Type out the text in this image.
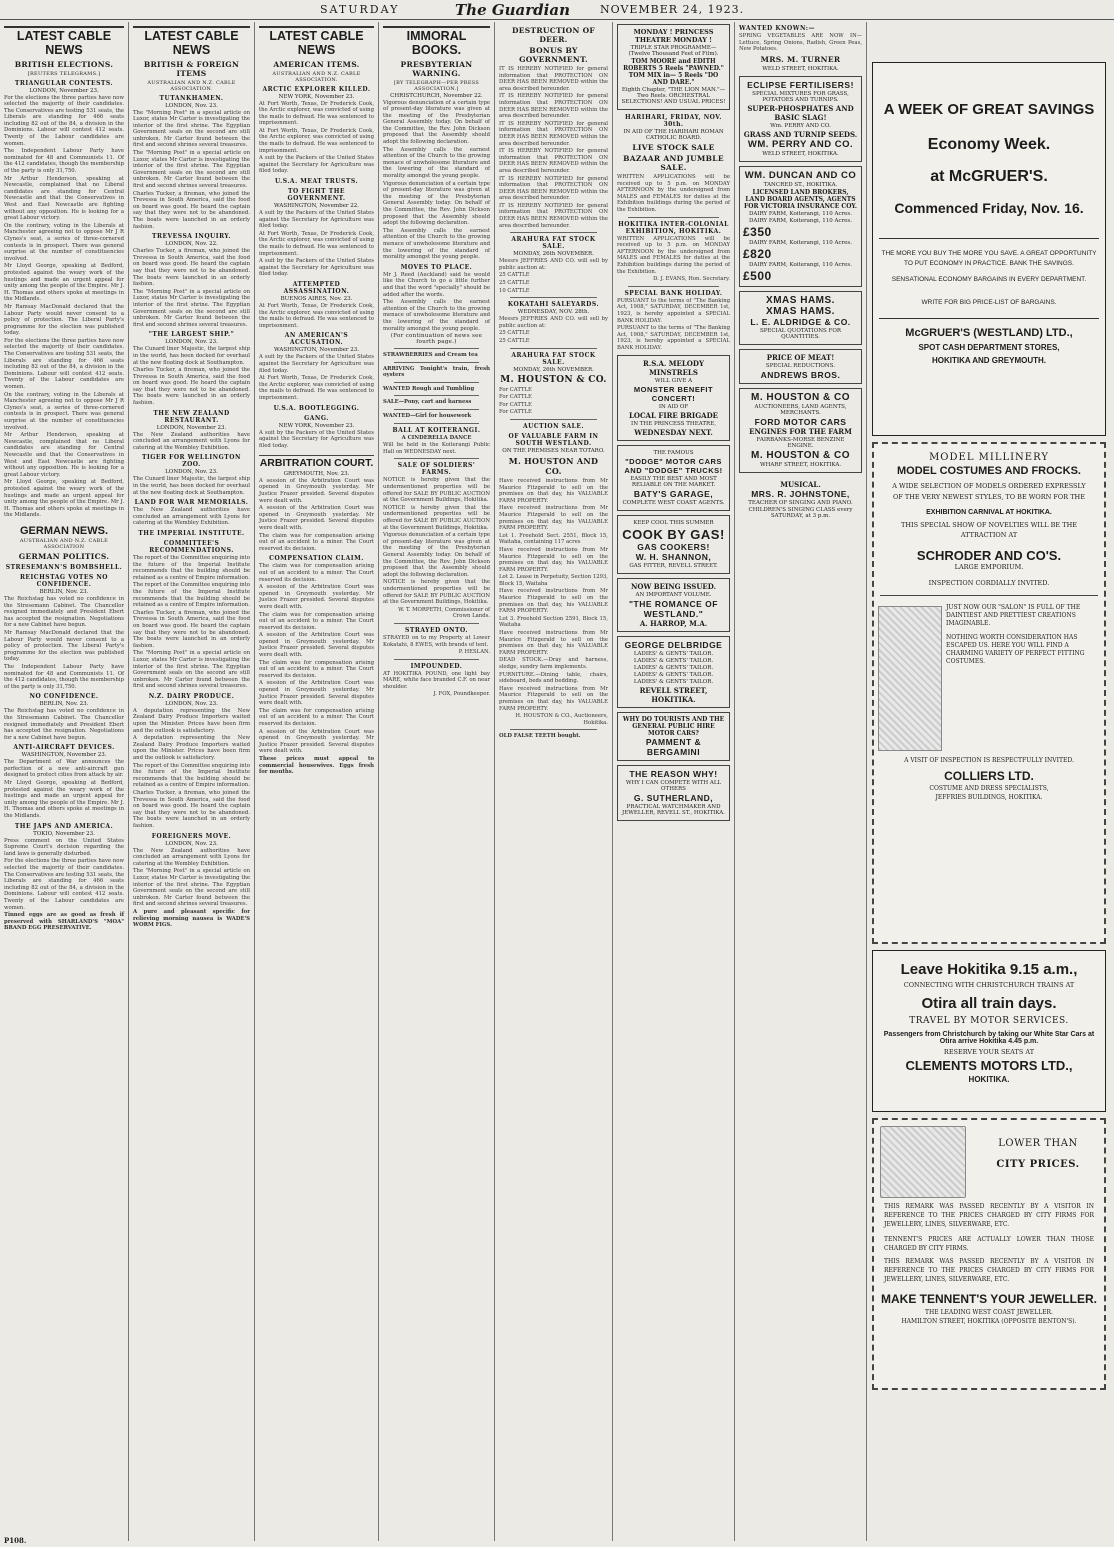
SATURDAY	The Guardian	NOVEMBER 24, 1923.
LATEST CABLE NEWS
BRITISH ELECTIONS.
[REUTERS TELEGRAMS.]
TRIANGULAR CONTESTS.
LONDON, November 23.

For the elections the three parties have now selected the majority of their candidates. The Conservatives are testing 531 seats, the Liberals are standing for 466 seats including 82 out of the 84, a division in the Dominions. Labour will contest 412 seats. Twenty of the Labour candidates are women.

The Independent Labour Party have nominated for 48 and Communists 11. Of the 412 candidates, though the membership of the party is only 31,750.

Mr Arthur Henderson, speaking at Newcastle, complained that no Liberal candidates are standing for Central Newcastle and that the Conservatives in West and East Newcastle are fighting without any opposition. He is looking for a great Labour victory.

On the contrary, voting in the Liberals at Manchester agreeing not to oppose Mr J R Clynes's seat, a series of three-cornered contests is in prospect. There was general surprise at the number of constituencies involved.

Mr Lloyd George, speaking at Bedford, protested against the weary work of the hustings and made an urgent appeal for unity among the people of the Empire. Mr J. H. Thomas and others spoke at meetings in the Midlands.

Mr Ramsay MacDonald declared that the Labour Party would never consent to a policy of protection. The Liberal Party's programme for the election was published today.

For the elections the three parties have now selected the majority of their candidates. The Conservatives are testing 531 seats, the Liberals are standing for 466 seats including 82 out of the 84, a division in the Dominions. Labour will contest 412 seats. Twenty of the Labour candidates are women.

On the contrary, voting in the Liberals at Manchester agreeing not to oppose Mr J R Clynes's seat, a series of three-cornered contests is in prospect. There was general surprise at the number of constituencies involved.

Mr Arthur Henderson, speaking at Newcastle, complained that no Liberal candidates are standing for Central Newcastle and that the Conservatives in West and East Newcastle are fighting without any opposition. He is looking for a great Labour victory.

Mr Lloyd George, speaking at Bedford, protested against the weary work of the hustings and made an urgent appeal for unity among the people of the Empire. Mr J. H. Thomas and others spoke at meetings in the Midlands.

GERMAN NEWS.
AUSTRALIAN AND N.Z. CABLE ASSOCIATION
GERMAN POLITICS.
STRESEMANN'S BOMBSHELL.
REICHSTAG VOTES NO CONFIDENCE.
BERLIN, Nov. 23.

The Reichstag has voted no confidence in the Stresemann Cabinet. The Chancellor resigned immediately and President Ebert has accepted the resignation. Negotiations for a new Cabinet have begun.

Mr Ramsay MacDonald declared that the Labour Party would never consent to a policy of protection. The Liberal Party's programme for the election was published today.

The Independent Labour Party have nominated for 48 and Communists 11. Of the 412 candidates, though the membership of the party is only 31,750.

NO CONFIDENCE.
BERLIN, Nov. 23.

The Reichstag has voted no confidence in the Stresemann Cabinet. The Chancellor resigned immediately and President Ebert has accepted the resignation. Negotiations for a new Cabinet have begun.

ANTI-AIRCRAFT DEVICES.
WASHINGTON, November 23.

The Department of War announces the perfection of a new anti-aircraft gun designed to protect cities from attack by air.

Mr Lloyd George, speaking at Bedford, protested against the weary work of the hustings and made an urgent appeal for unity among the people of the Empire. Mr J. H. Thomas and others spoke at meetings in the Midlands.

THE JAPS AND AMERICA.
TOKIO, November 23.

Press comment on the United States Supreme Court's decision regarding the land laws is generally disturbed.

For the elections the three parties have now selected the majority of their candidates. The Conservatives are testing 531 seats, the Liberals are standing for 466 seats including 82 out of the 84, a division in the Dominions. Labour will contest 412 seats. Twenty of the Labour candidates are women.

Tinned eggs are as good as fresh if preserved with SHARLAND'S "MOA" BRAND EGG PRESERVATIVE.

P108.
LATEST CABLE NEWS
BRITISH & FOREIGN ITEMS
AUSTRALIAN AND N.Z. CABLE ASSOCIATION.
TUTANKHAMEN.
LONDON, Nov. 23.

The "Morning Post" in a special article on Luxor, states Mr Carter is investigating the interior of the first shrine. The Egyptian Government seals on the second are still unbroken. Mr Carter found between the first and second shrines several treasures.

The "Morning Post" in a special article on Luxor, states Mr Carter is investigating the interior of the first shrine. The Egyptian Government seals on the second are still unbroken. Mr Carter found between the first and second shrines several treasures.

Charles Tucker, a fireman, who joined the Trevessa in South America, said the food on board was good. He heard the captain say that they were not to be abandoned. The boats were launched in an orderly fashion.

TREVESSA INQUIRY.
LONDON, Nov. 22.

Charles Tucker, a fireman, who joined the Trevessa in South America, said the food on board was good. He heard the captain say that they were not to be abandoned. The boats were launched in an orderly fashion.

The "Morning Post" in a special article on Luxor, states Mr Carter is investigating the interior of the first shrine. The Egyptian Government seals on the second are still unbroken. Mr Carter found between the first and second shrines several treasures.

"THE LARGEST SHIP."
LONDON, Nov. 23.

The Cunard liner Majestic, the largest ship in the world, has been docked for overhaul at the new floating dock at Southampton.

Charles Tucker, a fireman, who joined the Trevessa in South America, said the food on board was good. He heard the captain say that they were not to be abandoned. The boats were launched in an orderly fashion.

THE NEW ZEALAND RESTAURANT.
LONDON, November 23.

The New Zealand authorities have concluded an arrangement with Lyons for catering at the Wembley Exhibition.

TIGER FOR WELLINGTON ZOO.
LONDON, Nov. 23.

The Cunard liner Majestic, the largest ship in the world, has been docked for overhaul at the new floating dock at Southampton.

LAND FOR WAR MEMORIALS.

The New Zealand authorities have concluded an arrangement with Lyons for catering at the Wembley Exhibition.

THE IMPERIAL INSTITUTE.
COMMITTEE'S RECOMMENDATIONS.

The report of the Committee enquiring into the future of the Imperial Institute recommends that the building should be retained as a centre of Empire information.

The report of the Committee enquiring into the future of the Imperial Institute recommends that the building should be retained as a centre of Empire information.

Charles Tucker, a fireman, who joined the Trevessa in South America, said the food on board was good. He heard the captain say that they were not to be abandoned. The boats were launched in an orderly fashion.

The "Morning Post" in a special article on Luxor, states Mr Carter is investigating the interior of the first shrine. The Egyptian Government seals on the second are still unbroken. Mr Carter found between the first and second shrines several treasures.

N.Z. DAIRY PRODUCE.
LONDON, Nov. 23.

A deputation representing the New Zealand Dairy Produce Importers waited upon the Minister. Prices have been firm and the outlook is satisfactory.

A deputation representing the New Zealand Dairy Produce Importers waited upon the Minister. Prices have been firm and the outlook is satisfactory.

The report of the Committee enquiring into the future of the Imperial Institute recommends that the building should be retained as a centre of Empire information.

Charles Tucker, a fireman, who joined the Trevessa in South America, said the food on board was good. He heard the captain say that they were not to be abandoned. The boats were launched in an orderly fashion.

FOREIGNERS MOVE.
LONDON, Nov. 23.

The New Zealand authorities have concluded an arrangement with Lyons for catering at the Wembley Exhibition.

The "Morning Post" in a special article on Luxor, states Mr Carter is investigating the interior of the first shrine. The Egyptian Government seals on the second are still unbroken. Mr Carter found between the first and second shrines several treasures.

A pure and pleasant specific for relieving morning nausea is WADE'S WORM FIGS.

LATEST CABLE NEWS
AMERICAN ITEMS.
AUSTRALIAN AND N.Z. CABLE ASSOCIATION.
ARCTIC EXPLORER KILLED.
NEW YORK, November 23.

At Fort Worth, Texas, Dr Frederick Cook, the Arctic explorer, was convicted of using the mails to defraud. He was sentenced to imprisonment.

At Fort Worth, Texas, Dr Frederick Cook, the Arctic explorer, was convicted of using the mails to defraud. He was sentenced to imprisonment.

A suit by the Packers of the United States against the Secretary for Agriculture was filed today.

U.S.A. MEAT TRUSTS.
TO FIGHT THE GOVERNMENT.
WASHINGTON, November 22.

A suit by the Packers of the United States against the Secretary for Agriculture was filed today.

At Fort Worth, Texas, Dr Frederick Cook, the Arctic explorer, was convicted of using the mails to defraud. He was sentenced to imprisonment.

A suit by the Packers of the United States against the Secretary for Agriculture was filed today.

ATTEMPTED ASSASSINATION.
BUENOS AIRES, Nov. 23.

At Fort Worth, Texas, Dr Frederick Cook, the Arctic explorer, was convicted of using the mails to defraud. He was sentenced to imprisonment.

AN AMERICAN'S ACCUSATION.
WASHINGTON, November 23.

A suit by the Packers of the United States against the Secretary for Agriculture was filed today.

At Fort Worth, Texas, Dr Frederick Cook, the Arctic explorer, was convicted of using the mails to defraud. He was sentenced to imprisonment.

U.S.A. BOOTLEGGING.
GANG.
NEW YORK, November 23.

A suit by the Packers of the United States against the Secretary for Agriculture was filed today.

ARBITRATION COURT.
GREYMOUTH, Nov. 23.

A session of the Arbitration Court was opened in Greymouth yesterday. Mr Justice Frazer presided. Several disputes were dealt with.

A session of the Arbitration Court was opened in Greymouth yesterday. Mr Justice Frazer presided. Several disputes were dealt with.

The claim was for compensation arising out of an accident to a miner. The Court reserved its decision.

COMPENSATION CLAIM.

The claim was for compensation arising out of an accident to a miner. The Court reserved its decision.

A session of the Arbitration Court was opened in Greymouth yesterday. Mr Justice Frazer presided. Several disputes were dealt with.

The claim was for compensation arising out of an accident to a miner. The Court reserved its decision.

A session of the Arbitration Court was opened in Greymouth yesterday. Mr Justice Frazer presided. Several disputes were dealt with.

The claim was for compensation arising out of an accident to a miner. The Court reserved its decision.

A session of the Arbitration Court was opened in Greymouth yesterday. Mr Justice Frazer presided. Several disputes were dealt with.

The claim was for compensation arising out of an accident to a miner. The Court reserved its decision.

A session of the Arbitration Court was opened in Greymouth yesterday. Mr Justice Frazer presided. Several disputes were dealt with.

These prices must appeal to commercial housewives. Eggs fresh for months.

IMMORAL BOOKS.
PRESBYTERIAN WARNING.
[BY TELEGRAPH—PER PRESS ASSOCIATION.]
CHRISTCHURCH, November 22.

Vigorous denunciation of a certain type of present-day literature was given at the meeting of the Presbyterian General Assembly today. On behalf of the Committee, the Rev. John Dickson proposed that the Assembly should adopt the following declaration.

The Assembly calls the earnest attention of the Church to the growing menace of unwholesome literature and the lowering of the standard of morality amongst the young people.

Vigorous denunciation of a certain type of present-day literature was given at the meeting of the Presbyterian General Assembly today. On behalf of the Committee, the Rev. John Dickson proposed that the Assembly should adopt the following declaration.

The Assembly calls the earnest attention of the Church to the growing menace of unwholesome literature and the lowering of the standard of morality amongst the young people.

MOVES TO PLACE.

Mr J. Reed (Auckland) said he would like the Church to go a little further and that the word "specially" should be added after the words.

The Assembly calls the earnest attention of the Church to the growing menace of unwholesome literature and the lowering of the standard of morality amongst the young people.

(For continuation of news see fourth page.)

STRAWBERRIES and Cream tea

ARRIVING Tonight's train, fresh oysters

WANTED Rough and Tumbling

SALE—Pony, cart and harness

WANTED—Girl for housework

BALL AT KOITERANGI.

A CINDERELLA DANCE

Will be held in the Koiterangi Public Hall on WEDNESDAY next.

SALE OF SOLDIERS' FARMS.

NOTICE is hereby given that the undermentioned properties will be offered for SALE BY PUBLIC AUCTION at the Government Buildings, Hokitika.

NOTICE is hereby given that the undermentioned properties will be offered for SALE BY PUBLIC AUCTION at the Government Buildings, Hokitika.

Vigorous denunciation of a certain type of present-day literature was given at the meeting of the Presbyterian General Assembly today. On behalf of the Committee, the Rev. John Dickson proposed that the Assembly should adopt the following declaration.

NOTICE is hereby given that the undermentioned properties will be offered for SALE BY PUBLIC AUCTION at the Government Buildings, Hokitika.

W. T. MORPETH, Commissioner of Crown Lands.

STRAYED ONTO.

STRAYED on to my Property at Lower Kokatahi, 8 EWES, with brands of tent.

P. HESLAN.

IMPOUNDED.

AT HOKITIKA POUND, one light bay MARE, white face branded C.F. on near shoulder.

J. FOX, Poundkeeper.

DESTRUCTION OF DEER.
BONUS BY GOVERNMENT.

IT IS HEREBY NOTIFIED for general information that PROTECTION ON DEER HAS BEEN REMOVED within the area described hereunder.

IT IS HEREBY NOTIFIED for general information that PROTECTION ON DEER HAS BEEN REMOVED within the area described hereunder.

IT IS HEREBY NOTIFIED for general information that PROTECTION ON DEER HAS BEEN REMOVED within the area described hereunder.

IT IS HEREBY NOTIFIED for general information that PROTECTION ON DEER HAS BEEN REMOVED within the area described hereunder.

IT IS HEREBY NOTIFIED for general information that PROTECTION ON DEER HAS BEEN REMOVED within the area described hereunder.

IT IS HEREBY NOTIFIED for general information that PROTECTION ON DEER HAS BEEN REMOVED within the area described hereunder.

ARAHURA FAT STOCK SALE.
MONDAY, 26th NOVEMBER.

Messrs JEFFRIES AND CO. will sell by public auction at:

25 CATTLE

25 CATTLE

10 CATTLE

KOKATAHI SALEYARDS.
WEDNESDAY, NOV. 28th.

Messrs JEFFRIES AND CO. will sell by public auction at:

25 CATTLE

25 CATTLE

ARAHURA FAT STOCK SALE.
MONDAY, 26th NOVEMBER.
M. HOUSTON & CO.

For CATTLE

For CATTLE

For CATTLE

For CATTLE

AUCTION SALE.
OF VALUABLE FARM IN SOUTH WESTLAND.
ON THE PREMISES NEAR TOTARO.
M. HOUSTON AND CO.

Have received instructions from Mr Maurice Fitzgerald to sell on the premises on that day, his VALUABLE FARM PROPERTY.

Have received instructions from Mr Maurice Fitzgerald to sell on the premises on that day, his VALUABLE FARM PROPERTY.

Lot 1. Freehold Sect. 2551, Block 15, Waitaha, containing 117 acres

Have received instructions from Mr Maurice Fitzgerald to sell on the premises on that day, his VALUABLE FARM PROPERTY.

Lot 2. Lease in Perpetuity, Section 1293, Block 15, Waitaha

Have received instructions from Mr Maurice Fitzgerald to sell on the premises on that day, his VALUABLE FARM PROPERTY.

Lot 3. Freehold Section 2591, Block 15, Waitaha

Have received instructions from Mr Maurice Fitzgerald to sell on the premises on that day, his VALUABLE FARM PROPERTY.

DEAD STOCK.—Dray and harness, sledge, sundry farm implements.

FURNITURE.—Dining table, chairs, sideboard, beds and bedding.

Have received instructions from Mr Maurice Fitzgerald to sell on the premises on that day, his VALUABLE FARM PROPERTY.

H. HOUSTON & CO., Auctioneers, Hokitika.

OLD FALSE TEETH bought.

MONDAY ! PRINCESS THEATRE MONDAY !
TRIPLE STAR PROGRAMME—(Twelve Thousand Feet of Film).
TOM MOORE and EDITH ROBERTS 5 Reels "PAWNED."
TOM MIX in— 5 Reels "DO AND DARE."
Eighth Chapter, "THE LION MAN."—Two Reels. ORCHESTRAL SELECTIONS! AND USUAL PRICES!
HARIHARI, FRIDAY, NOV. 30th.
IN AID OF THE HARIHARI ROMAN CATHOLIC BOARD.
LIVE STOCK SALE
BAZAAR AND JUMBLE SALE.

WRITTEN APPLICATIONS will be received up to 5 p.m. on MONDAY AFTERNOON by the undersigned from MALES and FEMALES for duties at the Exhibition buildings during the period of the Exhibition.

HOKITIKA INTER-COLONIAL EXHIBITION, HOKITIKA.

WRITTEN APPLICATIONS will be received up to 5 p.m. on MONDAY AFTERNOON by the undersigned from MALES and FEMALES for duties at the Exhibition buildings during the period of the Exhibition.

D. J. EVANS, Hon. Secretary.

SPECIAL BANK HOLIDAY.

PURSUANT to the terms of "The Banking Act, 1908," SATURDAY, DECEMBER 1st, 1923, is hereby appointed a SPECIAL BANK HOLIDAY.

PURSUANT to the terms of "The Banking Act, 1908," SATURDAY, DECEMBER 1st, 1923, is hereby appointed a SPECIAL BANK HOLIDAY.

R.S.A. MELODY MINSTRELS
WILL GIVE A
MONSTER BENEFIT CONCERT!
IN AID OF
LOCAL FIRE BRIGADE
IN THE PRINCESS THEATRE,
WEDNESDAY NEXT.
THE FAMOUS
"DODGE" MOTOR CARS AND "DODGE" TRUCKS!
EASILY THE BEST AND MOST RELIABLE ON THE MARKET.
BATY'S GARAGE,
COMPLETE WEST COAST AGENTS.
KEEP COOL THIS SUMMER
COOK BY GAS!
GAS COOKERS!
W. H. SHANNON,
GAS FITTER, REVELL STREET.
NOW BEING ISSUED.
AN IMPORTANT VOLUME.
"THE ROMANCE OF WESTLAND."
A. HARROP, M.A.
GEORGE DELBRIDGE
LADIES' & GENTS' TAILOR.
LADIES' & GENTS' TAILOR.
LADIES' & GENTS' TAILOR.
LADIES' & GENTS' TAILOR.
LADIES' & GENTS' TAILOR.
REVELL STREET, HOKITIKA.
WHY DO TOURISTS AND THE GENERAL PUBLIC HIRE MOTOR CARS?
PAMMENT & BERGAMINI
THE REASON WHY!
WHY I CAN COMPETE WITH ALL OTHERS
G. SUTHERLAND,
PRACTICAL WATCHMAKER AND JEWELLER, REVELL ST., HOKITIKA.
WANTED KNOWN:—

SPRING VEGETABLES ARE NOW IN—Lettuce, Spring Onions, Radish, Green Peas, New Potatoes.

MRS. M. TURNER
WELD STREET, HOKITIKA.
ECLIPSE FERTILISERS!
SPECIAL MIXTURES FOR GRASS, POTATOES AND TURNIPS.
SUPER-PHOSPHATES AND BASIC SLAG!
Wm. PERRY AND CO.
GRASS AND TURNIP SEEDS.
WM. PERRY AND CO.
WELD STREET, HOKITIKA.
WM. DUNCAN AND CO
TANCRED ST., HOKITIKA.
LICENSED LAND BROKERS, LAND BOARD AGENTS, AGENTS FOR VICTORIA INSURANCE COY.
DAIRY FARM, Koiterangi, 110 Acres.
DAIRY FARM, Koiterangi, 110 Acres.
£350
DAIRY FARM, Koiterangi, 110 Acres.
£820
DAIRY FARM, Koiterangi, 110 Acres.
£500
XMAS HAMS.
XMAS HAMS.
L. E. ALDRIDGE & CO.
SPECIAL QUOTATIONS FOR QUANTITIES.
PRICE OF MEAT!
SPECIAL REDUCTIONS.
ANDREWS BROS.
M. HOUSTON & CO
AUCTIONEERS, LAND AGENTS, MERCHANTS.
FORD MOTOR CARS
ENGINES FOR THE FARM
FAIRBANKS-MORSE BENZINE ENGINE.
M. HOUSTON & CO
WHARF STREET, HOKITIKA.
MUSICAL.
MRS. R. JOHNSTONE,
TEACHER OF SINGING AND PIANO.
CHILDREN'S SINGING CLASS every SATURDAY, at 3 p.m.
A WEEK OF GREAT SAVINGS
Economy Week.
at McGRUER'S.
Commenced Friday, Nov. 16.
THE MORE YOU BUY THE MORE YOU SAVE. A GREAT OPPORTUNITY TO PUT ECONOMY IN PRACTICE. BANK THE SAVINGS.
SENSATIONAL ECONOMY BARGAINS IN EVERY DEPARTMENT.
WRITE FOR BIG PRICE-LIST OF BARGAINS.
McGRUER'S (WESTLAND) LTD.,
SPOT CASH DEPARTMENT STORES,
HOKITIKA AND GREYMOUTH.
MODEL MILLINERY
MODEL COSTUMES AND FROCKS.
A WIDE SELECTION OF MODELS ORDERED EXPRESSLY OF THE VERY NEWEST STYLES, TO BE WORN FOR THE
EXHIBITION CARNIVAL AT HOKITIKA.
THIS SPECIAL SHOW OF NOVELTIES WILL BE THE ATTRACTION AT
SCHRODER AND CO'S.
LARGE EMPORIUM.
INSPECTION CORDIALLY INVITED.
JUST NOW OUR "SALON" IS FULL OF THE DAINTIEST AND PRETTIEST CREATIONS IMAGINABLE.
NOTHING WORTH CONSIDERATION HAS ESCAPED US. HERE YOU WILL FIND A CHARMING VARIETY OF PERFECT FITTING COSTUMES.
A VISIT OF INSPECTION IS RESPECTFULLY INVITED.
COLLIERS LTD.
COSTUME AND DRESS SPECIALISTS,
JEFFRIES BUILDINGS, HOKITIKA.
Leave Hokitika 9.15 a.m.,
CONNECTING WITH CHRISTCHURCH TRAINS AT
Otira all train days.
TRAVEL BY MOTOR SERVICES.
Passengers from Christchurch by taking our White Star Cars at Otira arrive Hokitika 4.45 p.m.
RESERVE YOUR SEATS AT
CLEMENTS MOTORS LTD.,
HOKITIKA.
LOWER THAN
CITY PRICES.
THIS REMARK WAS PASSED RECENTLY BY A VISITOR IN REFERENCE TO THE PRICES CHARGED BY CITY FIRMS FOR JEWELLERY, LINES, SILVERWARE, ETC.
TENNENT'S PRICES ARE ACTUALLY LOWER THAN THOSE CHARGED BY CITY FIRMS.
THIS REMARK WAS PASSED RECENTLY BY A VISITOR IN REFERENCE TO THE PRICES CHARGED BY CITY FIRMS FOR JEWELLERY, LINES, SILVERWARE, ETC.
MAKE TENNENT'S YOUR JEWELLER.
THE LEADING WEST COAST JEWELLER.
HAMILTON STREET, HOKITIKA (OPPOSITE BENTON'S).
